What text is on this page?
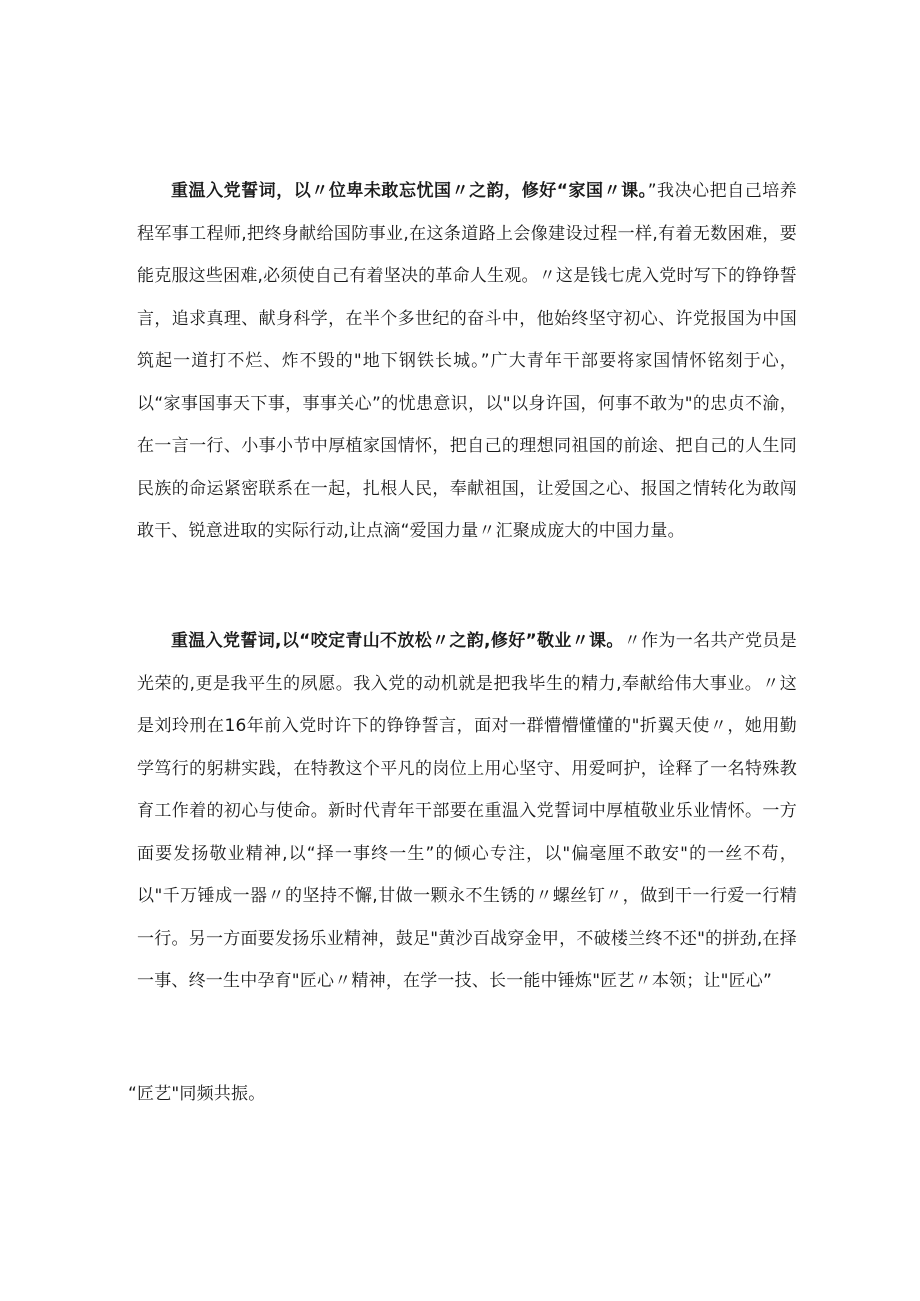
重温入党誓词，以〃位卑未敢忘忧国〃之韵，修好“家国〃课。”我决心把自己培养程军事工程师,把终身献给国防事业,在这条道路上会像建设过程一样,有着无数困难，要能克服这些困难,必须使自己有着坚决的革命人生观。〃这是钱七虎入党时写下的铮铮誓言，追求真理、献身科学，在半个多世纪的奋斗中，他始终坚守初心、许党报国为中国筑起一道打不烂、炸不毁的"地下钢铁长城。”广大青年干部要将家国情怀铭刻于心，以“家事国事天下事，事事关心”的忧患意识，以"以身许国，何事不敢为"的忠贞不渝，在一言一行、小事小节中厚植家国情怀，把自己的理想同祖国的前途、把自己的人生同民族的命运紧密联系在一起，扎根人民，奉献祖国，让爱国之心、报国之情转化为敢闯敢干、锐意进取的实际行动,让点滴“爱国力量〃汇聚成庞大的中国力量。

重温入党誓词,以“咬定青山不放松〃之韵,修好”敬业〃课。〃作为一名共产党员是光荣的,更是我平生的夙愿。我入党的动机就是把我毕生的精力,奉献给伟大事业。〃这是刘玲刑在16年前入党时许下的铮铮誓言，面对一群懵懵懂懂的"折翼天使〃，她用勤学笃行的躬耕实践，在特教这个平凡的岗位上用心坚守、用爱呵护，诠释了一名特殊教育工作着的初心与使命。新时代青年干部要在重温入党誓词中厚植敬业乐业情怀。一方面要发扬敬业精神,以“择一事终一生”的倾心专注，以"偏毫厘不敢安"的一丝不苟，以"千万锤成一器〃的坚持不懈,甘做一颗永不生锈的〃螺丝钉〃，做到干一行爱一行精一行。另一方面要发扬乐业精神，鼓足"黄沙百战穿金甲，不破楼兰终不还"的拼劲,在择一事、终一生中孕育"匠心〃精神，在学一技、长一能中锤炼"匠艺〃本领；让"匠心”

“匠艺"同频共振。
